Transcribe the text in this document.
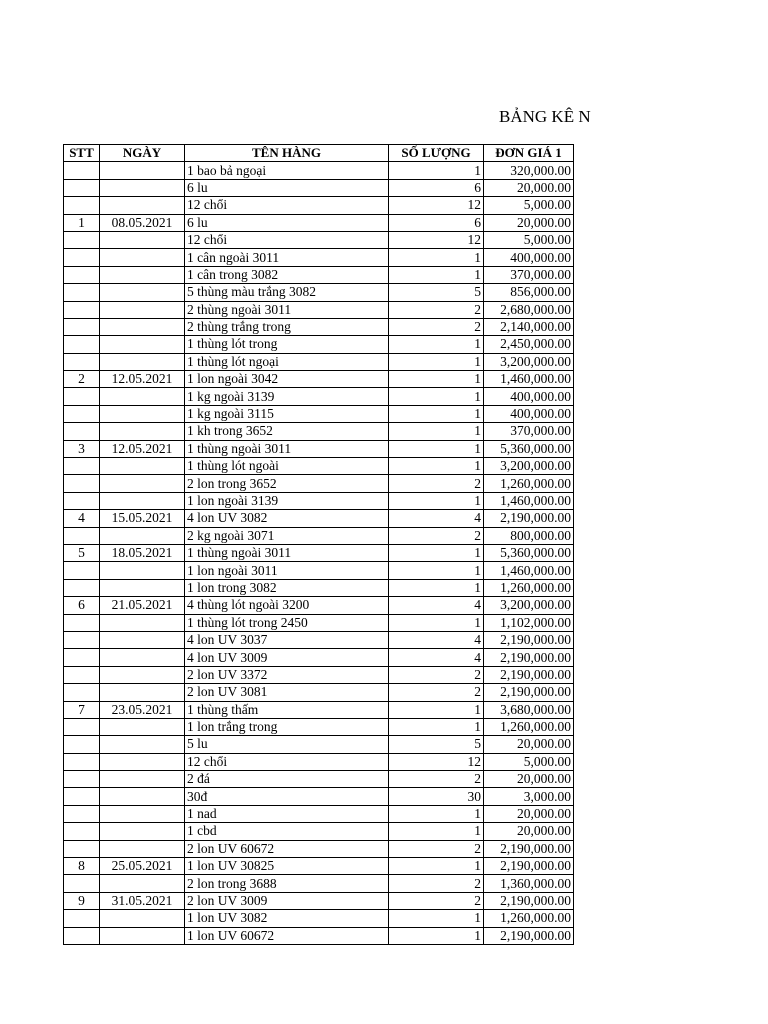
BẢNG KÊ N
STT	NGÀY	TÊN HÀNG	SỐ LƯỢNG	ĐƠN GIÁ 1
		1 bao bả ngoại	1	320,000.00
		6 lu	6	20,000.00
		12 chổi	12	5,000.00
1	08.05.2021	6 lu	6	20,000.00
		12 chổi	12	5,000.00
		1 cân ngoài 3011	1	400,000.00
		1 cân trong 3082	1	370,000.00
		5 thùng màu trắng 3082	5	856,000.00
		2 thùng ngoài 3011	2	2,680,000.00
		2 thùng trắng trong	2	2,140,000.00
		1 thùng lót trong	1	2,450,000.00
		1 thùng lót ngoại	1	3,200,000.00
2	12.05.2021	1 lon ngoài 3042	1	1,460,000.00
		1 kg ngoài 3139	1	400,000.00
		1 kg ngoài 3115	1	400,000.00
		1 kh trong 3652	1	370,000.00
3	12.05.2021	1 thùng ngoài 3011	1	5,360,000.00
		1 thùng lót ngoài	1	3,200,000.00
		2 lon trong 3652	2	1,260,000.00
		1 lon ngoài 3139	1	1,460,000.00
4	15.05.2021	4 lon UV 3082	4	2,190,000.00
		2 kg ngoài 3071	2	800,000.00
5	18.05.2021	1 thùng ngoài 3011	1	5,360,000.00
		1 lon ngoài 3011	1	1,460,000.00
		1 lon trong 3082	1	1,260,000.00
6	21.05.2021	4 thùng lót ngoài 3200	4	3,200,000.00
		1 thùng lót trong 2450	1	1,102,000.00
		4 lon UV 3037	4	2,190,000.00
		4 lon UV 3009	4	2,190,000.00
		2 lon UV 3372	2	2,190,000.00
		2 lon UV 3081	2	2,190,000.00
7	23.05.2021	1 thùng thấm	1	3,680,000.00
		1 lon trắng trong	1	1,260,000.00
		5 lu	5	20,000.00
		12 chổi	12	5,000.00
		2 đá	2	20,000.00
		30đ	30	3,000.00
		1 nad	1	20,000.00
		1 cbd	1	20,000.00
		2 lon UV 60672	2	2,190,000.00
8	25.05.2021	1 lon UV 30825	1	2,190,000.00
		2 lon trong 3688	2	1,360,000.00
9	31.05.2021	2 lon UV 3009	2	2,190,000.00
		1 lon UV 3082	1	1,260,000.00
		1 lon UV 60672	1	2,190,000.00
